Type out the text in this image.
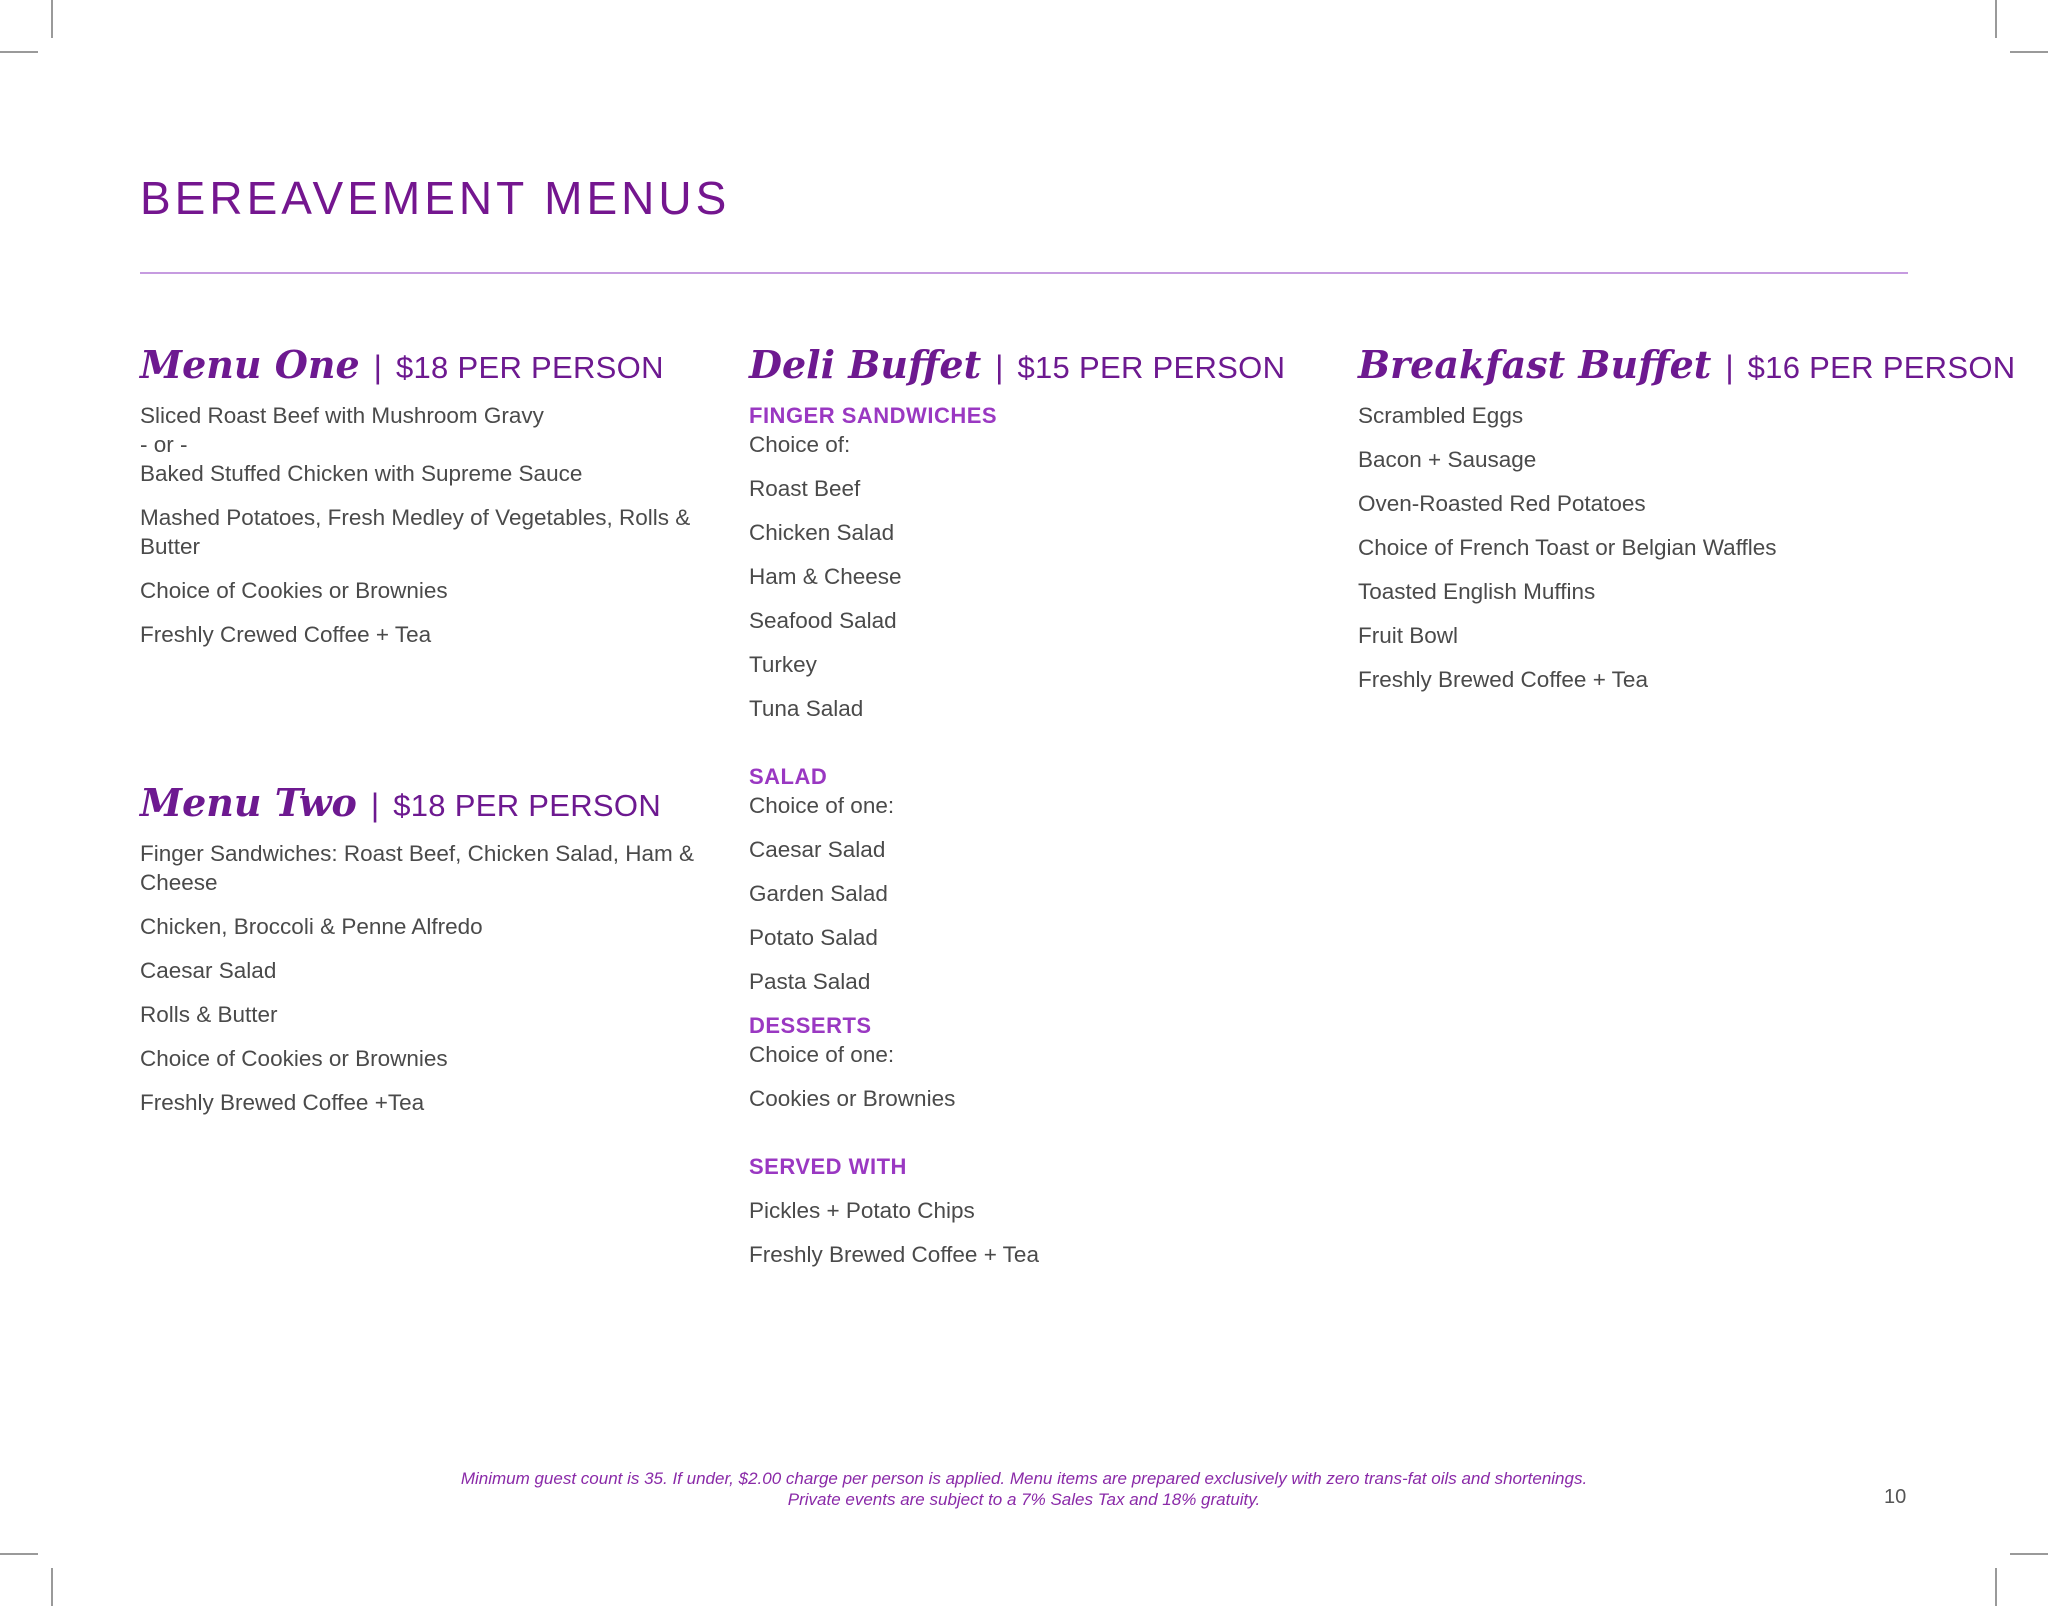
BEREAVEMENT MENUS
Menu One | $18 PER PERSON
Sliced Roast Beef with Mushroom Gravy
- or -
Baked Stuffed Chicken with Supreme Sauce
Mashed Potatoes, Fresh Medley of Vegetables, Rolls & Butter
Choice of Cookies or Brownies
Freshly Crewed Coffee + Tea
Menu Two | $18 PER PERSON
Finger Sandwiches: Roast Beef, Chicken Salad, Ham & Cheese
Chicken, Broccoli & Penne Alfredo
Caesar Salad
Rolls & Butter
Choice of Cookies or Brownies
Freshly Brewed Coffee +Tea
Deli Buffet | $15 PER PERSON
FINGER SANDWICHES
Choice of:
Roast Beef
Chicken Salad
Ham & Cheese
Seafood Salad
Turkey
Tuna Salad
SALAD
Choice of one:
Caesar Salad
Garden Salad
Potato Salad
Pasta Salad
DESSERTS
Choice of one:
Cookies or Brownies
SERVED WITH
Pickles + Potato Chips
Freshly Brewed Coffee + Tea
Breakfast Buffet | $16 PER PERSON
Scrambled Eggs
Bacon + Sausage
Oven-Roasted Red Potatoes
Choice of French Toast or Belgian Waffles
Toasted English Muffins
Fruit Bowl
Freshly Brewed Coffee + Tea
Minimum guest count is 35. If under, $2.00 charge per person is applied. Menu items are prepared exclusively with zero trans-fat oils and shortenings.
Private events are subject to a 7% Sales Tax and 18% gratuity.	10
